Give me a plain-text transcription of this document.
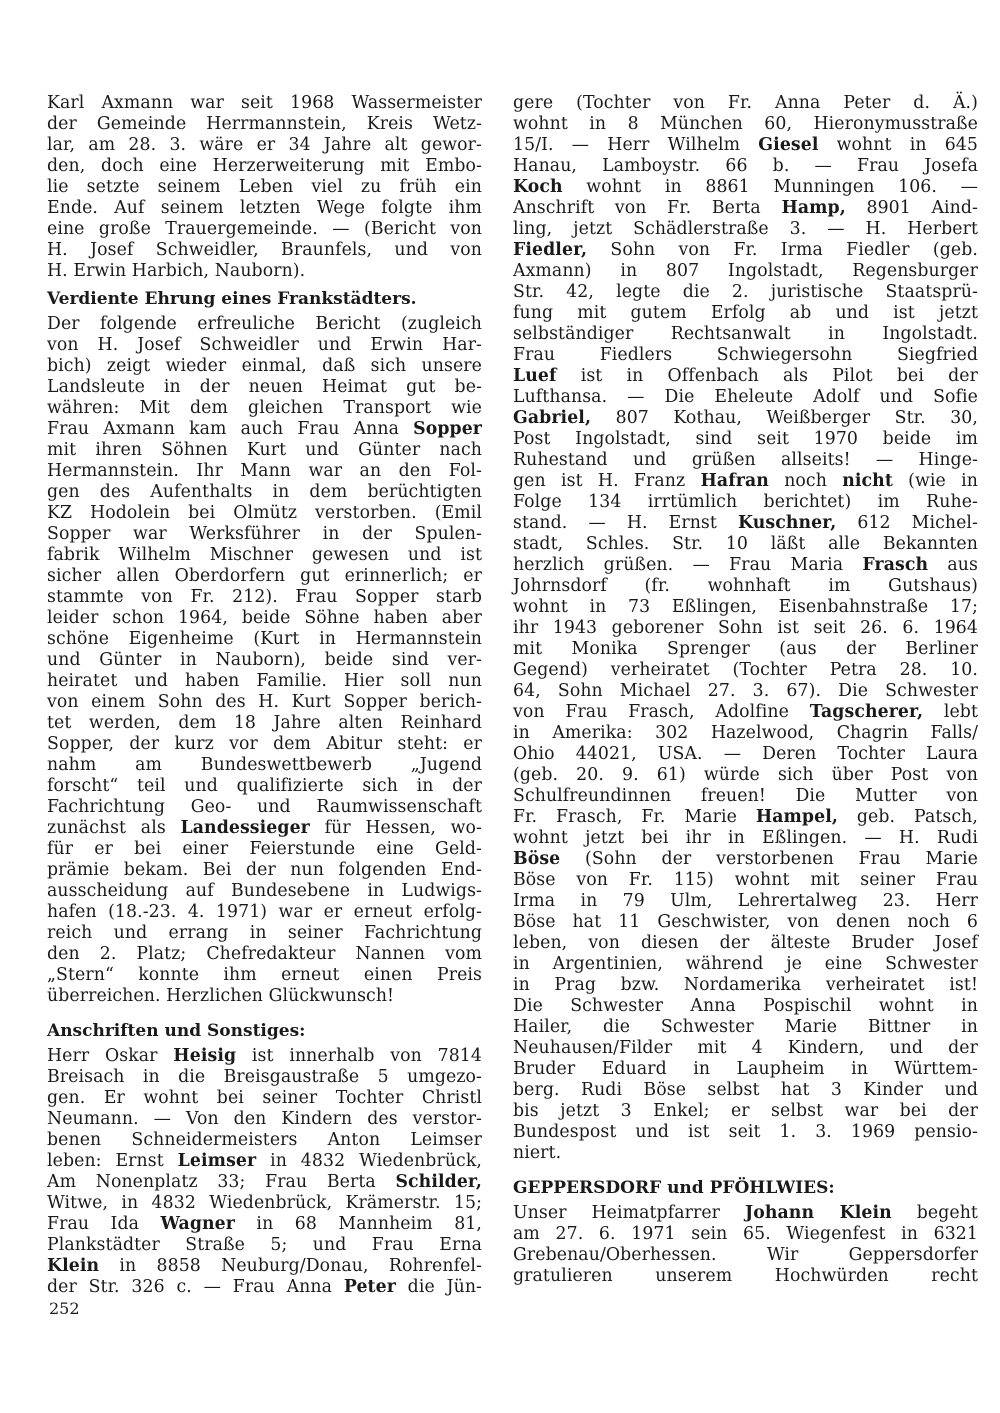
Karl Axmann war seit 1968 Wassermeister
der Gemeinde Herrmannstein, Kreis Wetz-
lar, am 28. 3. wäre er 34 Jahre alt gewor-
den, doch eine Herzerweiterung mit Embo-
lie setzte seinem Leben viel zu früh ein
Ende. Auf seinem letzten Wege folgte ihm
eine große Trauergemeinde. — (Bericht von
H. Josef Schweidler, Braunfels, und von
H. Erwin Harbich, Nauborn).
Verdiente Ehrung eines Frankstädters.
Der folgende erfreuliche Bericht (zugleich
von H. Josef Schweidler und Erwin Har-
bich) zeigt wieder einmal, daß sich unsere
Landsleute in der neuen Heimat gut be-
währen: Mit dem gleichen Transport wie
Frau Axmann kam auch Frau Anna Sopper
mit ihren Söhnen Kurt und Günter nach
Hermannstein. Ihr Mann war an den Fol-
gen des Aufenthalts in dem berüchtigten
KZ Hodolein bei Olmütz verstorben. (Emil
Sopper war Werksführer in der Spulen-
fabrik Wilhelm Mischner gewesen und ist
sicher allen Oberdorfern gut erinnerlich; er
stammte von Fr. 212). Frau Sopper starb
leider schon 1964, beide Söhne haben aber
schöne Eigenheime (Kurt in Hermannstein
und Günter in Nauborn), beide sind ver-
heiratet und haben Familie. Hier soll nun
von einem Sohn des H. Kurt Sopper berich-
tet werden, dem 18 Jahre alten Reinhard
Sopper, der kurz vor dem Abitur steht: er
nahm am Bundeswettbewerb „Jugend
forscht“ teil und qualifizierte sich in der
Fachrichtung Geo- und Raumwissenschaft
zunächst als Landessieger für Hessen, wo-
für er bei einer Feierstunde eine Geld-
prämie bekam. Bei der nun folgenden End-
ausscheidung auf Bundesebene in Ludwigs-
hafen (18.-23. 4. 1971) war er erneut erfolg-
reich und errang in seiner Fachrichtung
den 2. Platz; Chefredakteur Nannen vom
„Stern“ konnte ihm erneut einen Preis
überreichen. Herzlichen Glückwunsch!
Anschriften und Sonstiges:
Herr Oskar Heisig ist innerhalb von 7814
Breisach in die Breisgaustraße 5 umgezo-
gen. Er wohnt bei seiner Tochter Christl
Neumann. — Von den Kindern des verstor-
benen Schneidermeisters Anton Leimser
leben: Ernst Leimser in 4832 Wiedenbrück,
Am Nonenplatz 33; Frau Berta Schilder,
Witwe, in 4832 Wiedenbrück, Krämerstr. 15;
Frau Ida Wagner in 68 Mannheim 81,
Plankstädter Straße 5; und Frau Erna
Klein in 8858 Neuburg/Donau, Rohrenfel-
der Str. 326 c. — Frau Anna Peter die Jün-
gere (Tochter von Fr. Anna Peter d. Ä.)
wohnt in 8 München 60, Hieronymusstraße
15/I. — Herr Wilhelm Giesel wohnt in 645
Hanau, Lamboystr. 66 b. — Frau Josefa
Koch wohnt in 8861 Munningen 106. —
Anschrift von Fr. Berta Hamp, 8901 Aind-
ling, jetzt Schädlerstraße 3. — H. Herbert
Fiedler, Sohn von Fr. Irma Fiedler (geb.
Axmann) in 807 Ingolstadt, Regensburger
Str. 42, legte die 2. juristische Staatsprü-
fung mit gutem Erfolg ab und ist jetzt
selbständiger Rechtsanwalt in Ingolstadt.
Frau Fiedlers Schwiegersohn Siegfried
Luef ist in Offenbach als Pilot bei der
Lufthansa. — Die Eheleute Adolf und Sofie
Gabriel, 807 Kothau, Weißberger Str. 30,
Post Ingolstadt, sind seit 1970 beide im
Ruhestand und grüßen allseits! — Hinge-
gen ist H. Franz Hafran noch nicht (wie in
Folge 134 irrtümlich berichtet) im Ruhe-
stand. — H. Ernst Kuschner, 612 Michel-
stadt, Schles. Str. 10 läßt alle Bekannten
herzlich grüßen. — Frau Maria Frasch aus
Johrnsdorf (fr. wohnhaft im Gutshaus)
wohnt in 73 Eßlingen, Eisenbahnstraße 17;
ihr 1943 geborener Sohn ist seit 26. 6. 1964
mit Monika Sprenger (aus der Berliner
Gegend) verheiratet (Tochter Petra 28. 10.
64, Sohn Michael 27. 3. 67). Die Schwester
von Frau Frasch, Adolfine Tagscherer, lebt
in Amerika: 302 Hazelwood, Chagrin Falls/
Ohio 44021, USA. — Deren Tochter Laura
(geb. 20. 9. 61) würde sich über Post von
Schulfreundinnen freuen! Die Mutter von
Fr. Frasch, Fr. Marie Hampel, geb. Patsch,
wohnt jetzt bei ihr in Eßlingen. — H. Rudi
Böse (Sohn der verstorbenen Frau Marie
Böse von Fr. 115) wohnt mit seiner Frau
Irma in 79 Ulm, Lehrertalweg 23. Herr
Böse hat 11 Geschwister, von denen noch 6
leben, von diesen der älteste Bruder Josef
in Argentinien, während je eine Schwester
in Prag bzw. Nordamerika verheiratet ist!
Die Schwester Anna Pospischil wohnt in
Hailer, die Schwester Marie Bittner in
Neuhausen/Filder mit 4 Kindern, und der
Bruder Eduard in Laupheim in Württem-
berg. Rudi Böse selbst hat 3 Kinder und
bis jetzt 3 Enkel; er selbst war bei der
Bundespost und ist seit 1. 3. 1969 pensio-
niert.
GEPPERSDORF und PFÖHLWIES:
Unser Heimatpfarrer Johann Klein begeht
am 27. 6. 1971 sein 65. Wiegenfest in 6321
Grebenau/Oberhessen. Wir Geppersdorfer
gratulieren unserem Hochwürden recht
252
